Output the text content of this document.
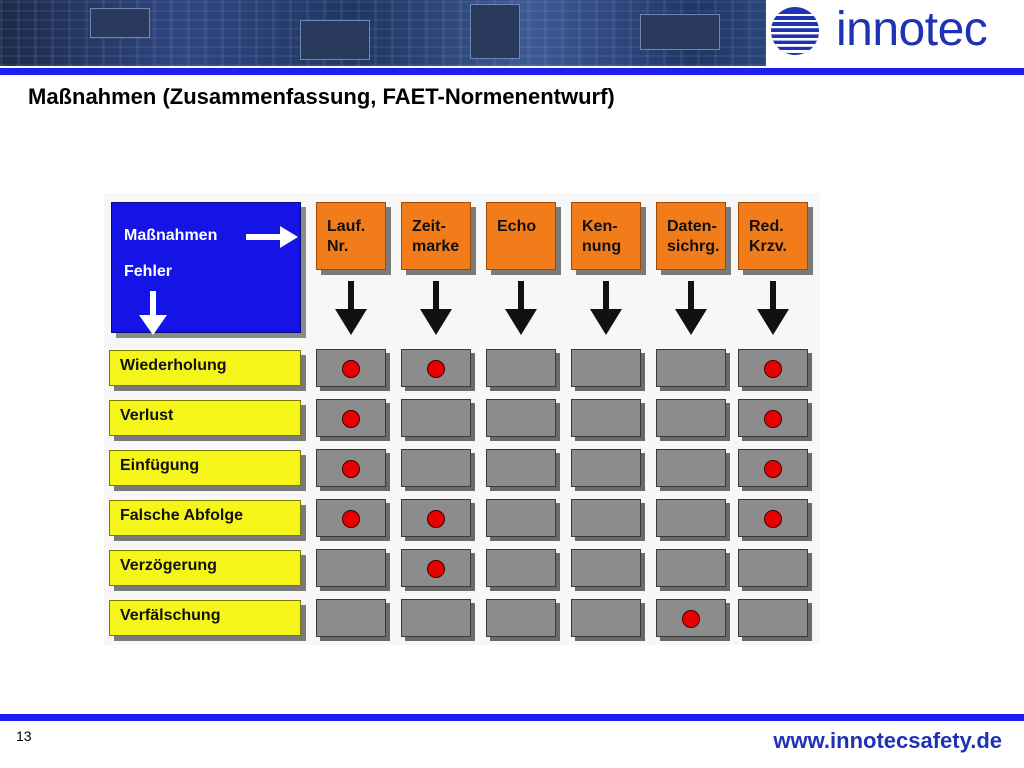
innotec
Maßnahmen (Zusammenfassung, FAET-Normenentwurf)
Maßnahmen
Fehler
Lauf.
Nr.
Zeit-
marke
Echo	Ken-
nung
Daten-
sichrg.
Red.
Krzv.
Wiederholung
Verlust
Einfügung
Falsche Abfolge
Verzögerung
Verfälschung
13	www.innotecsafety.de
